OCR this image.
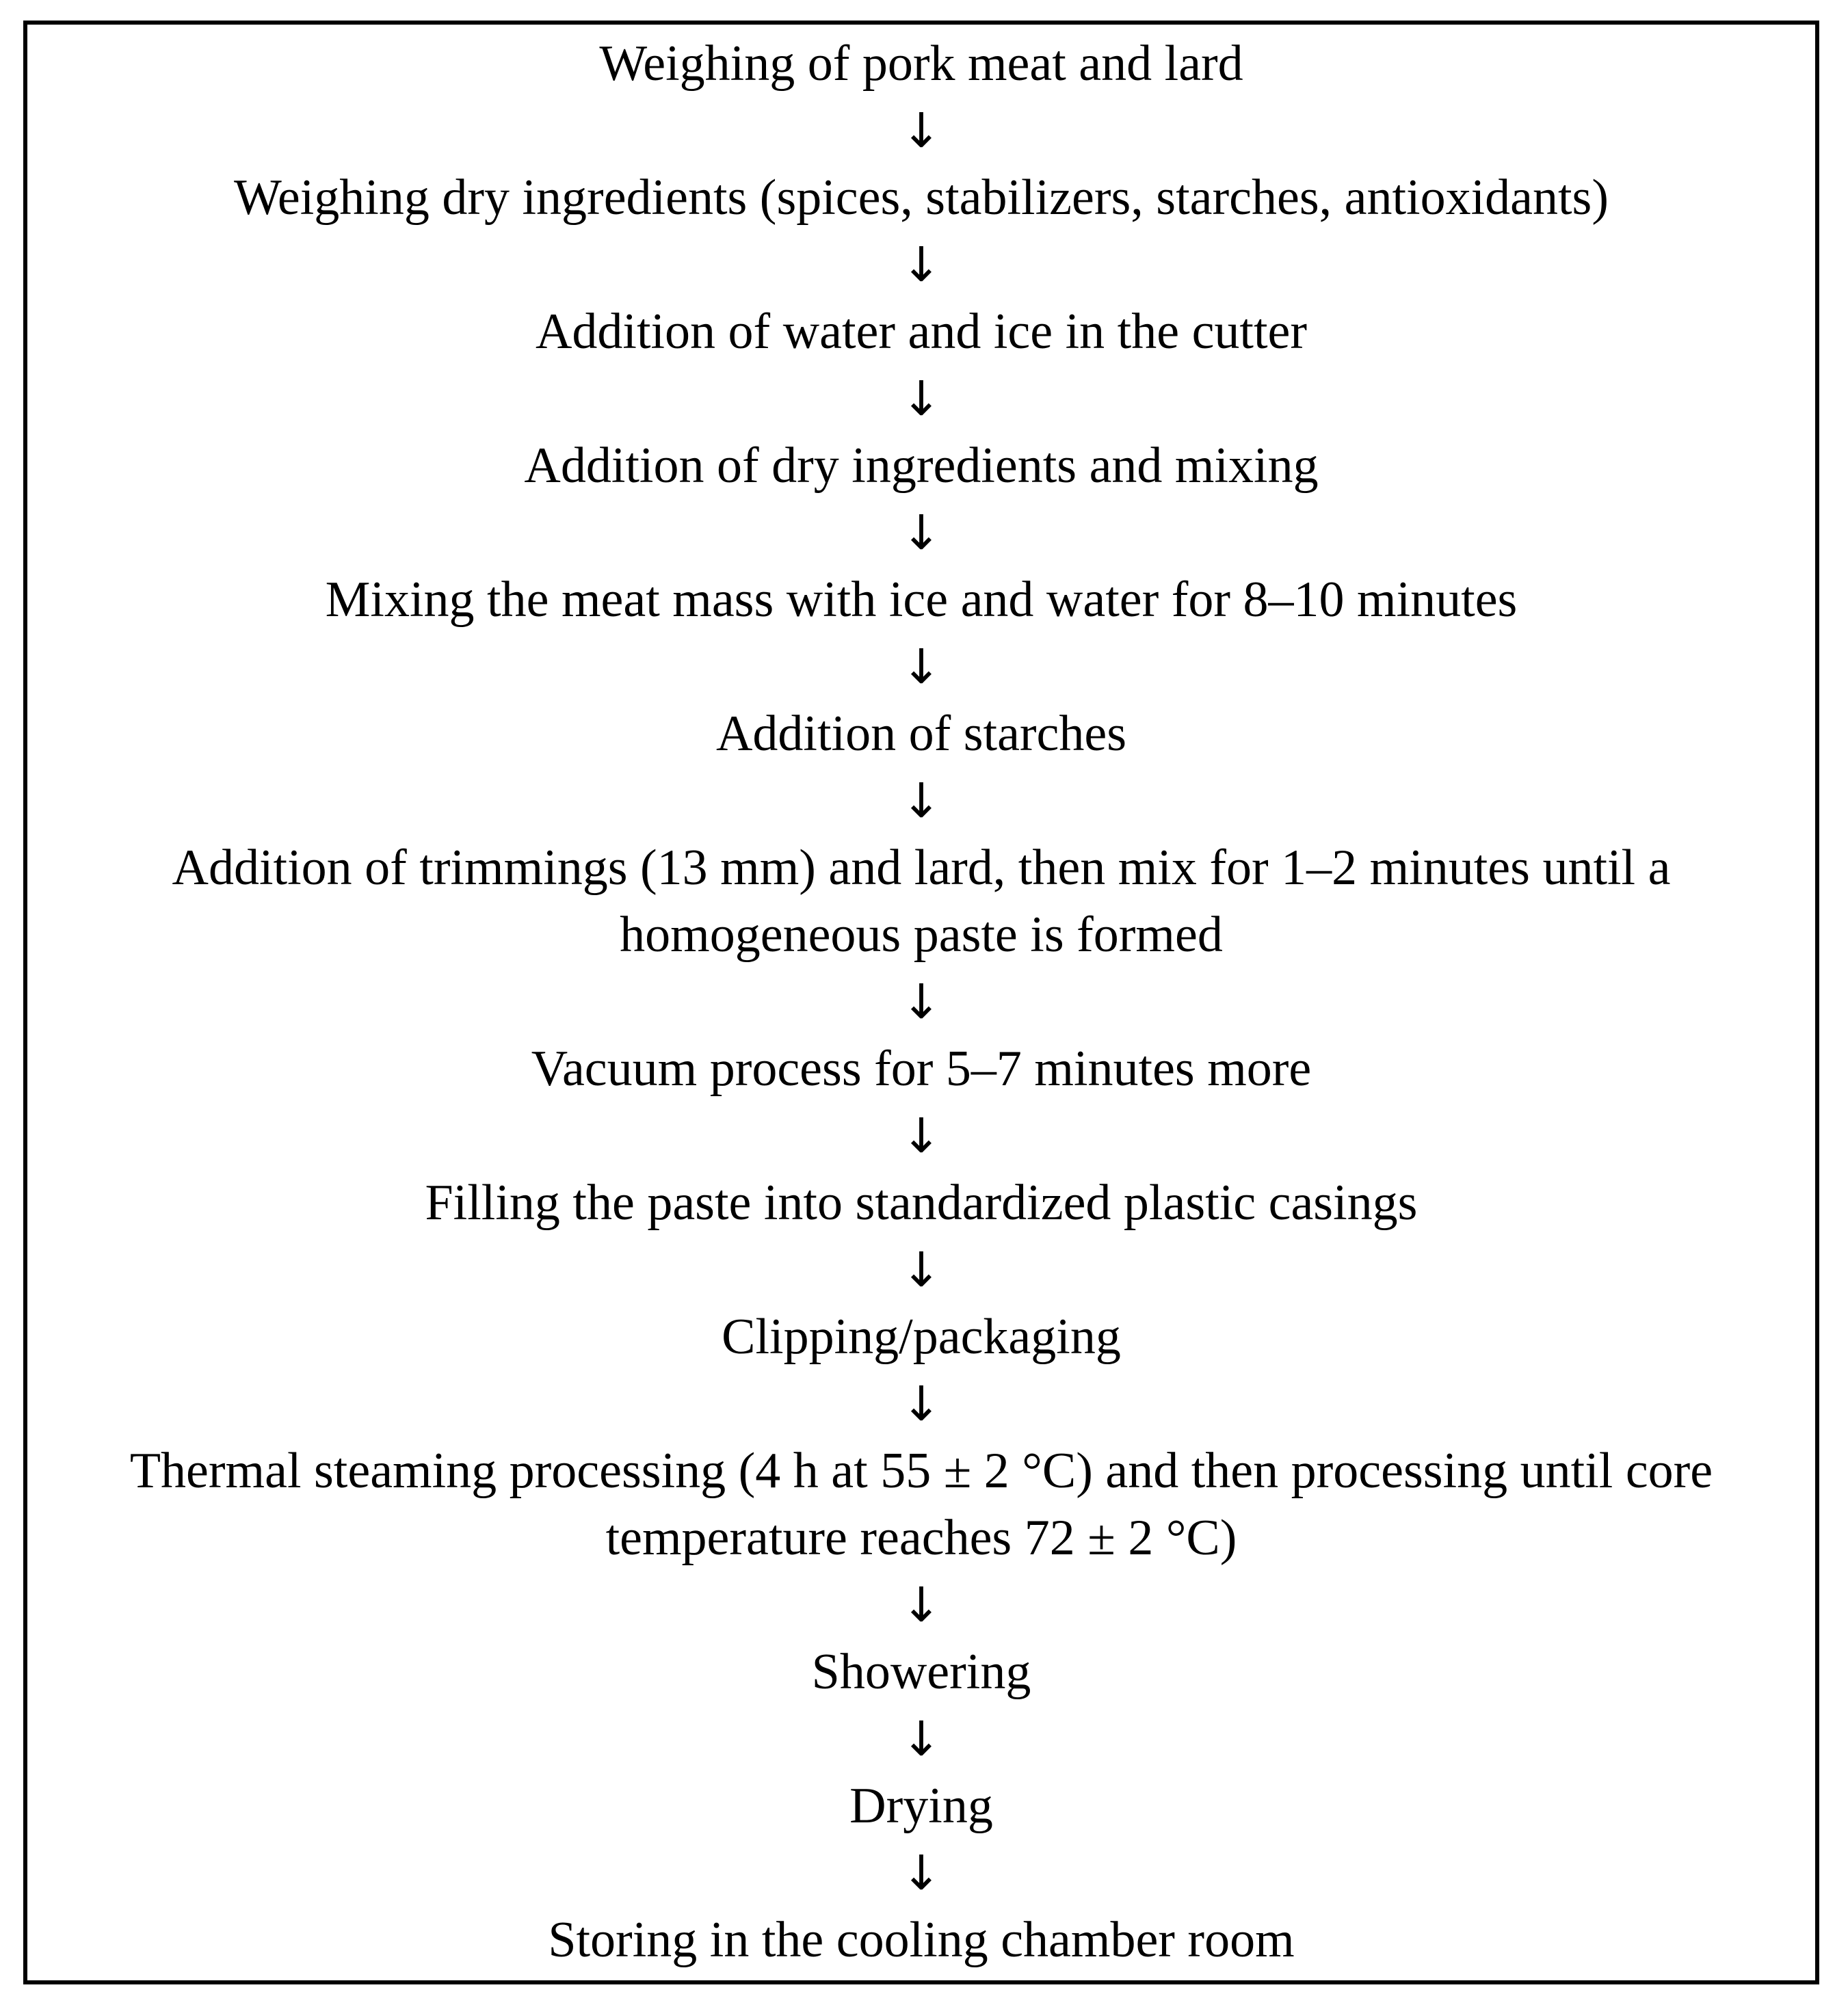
Weighing of pork meat and lard

↓

Weighing dry ingredients (spices, stabilizers, starches, antioxidants)

↓

Addition of water and ice in the cutter

↓

Addition of dry ingredients and mixing

↓

Mixing the meat mass with ice and water for 8–10 minutes

↓

Addition of starches

↓

Addition of trimmings (13 mm) and lard, then mix for 1–2 minutes until a homogeneous paste is formed

↓

Vacuum process for 5–7 minutes more

↓

Filling the paste into standardized plastic casings

↓

Clipping/packaging

↓

Thermal steaming processing (4 h at 55 ± 2 °C) and then processing until core temperature reaches 72 ± 2 °C)

↓

Showering

↓

Drying

↓

Storing in the cooling chamber room
